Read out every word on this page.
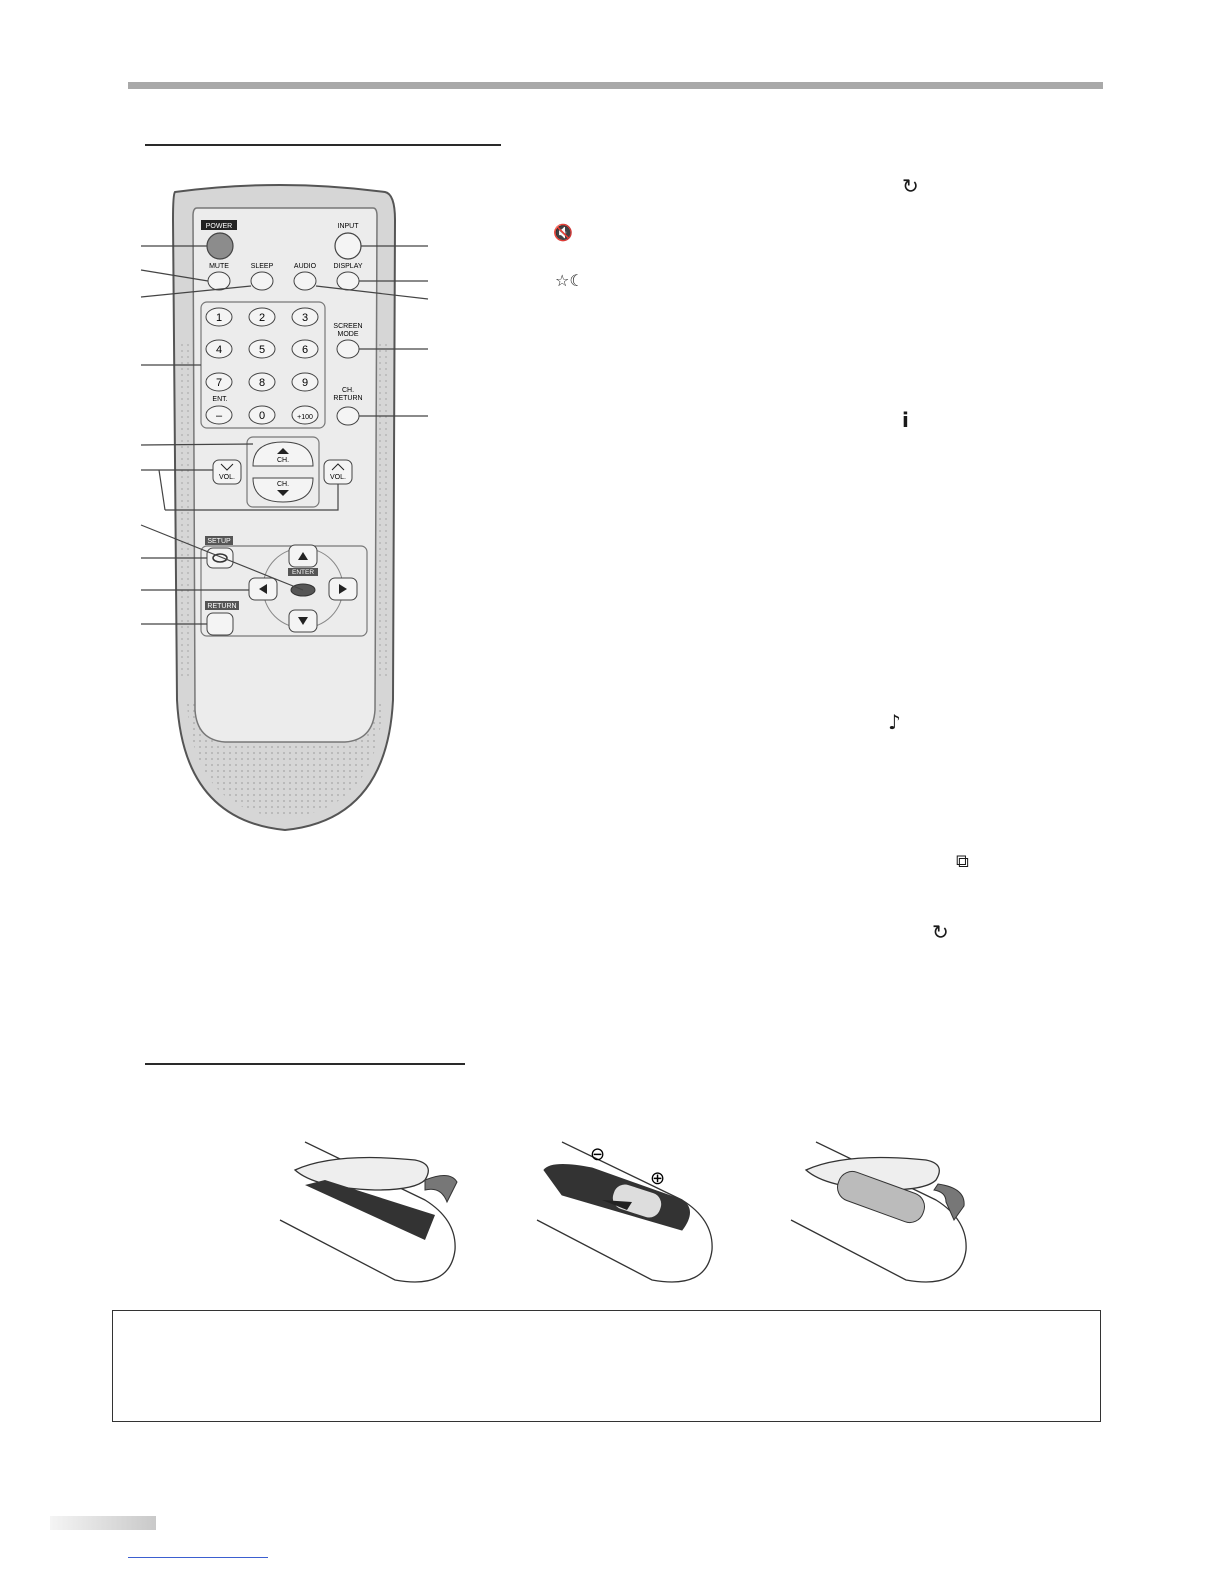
POWER	INPUT
MUTE	SLEEP	AUDIO DISPLAY
1	2	3
4	5	6
7	8	9
–	0	+100
ENT.
SCREEN
MODE
CH.
RETURN
CH.
CH.
VOL.	VOL.
SETUP
RETURN
ENTER
↻
🔇
☆☾
i
♪
⧉
↻
⊖
⊕
